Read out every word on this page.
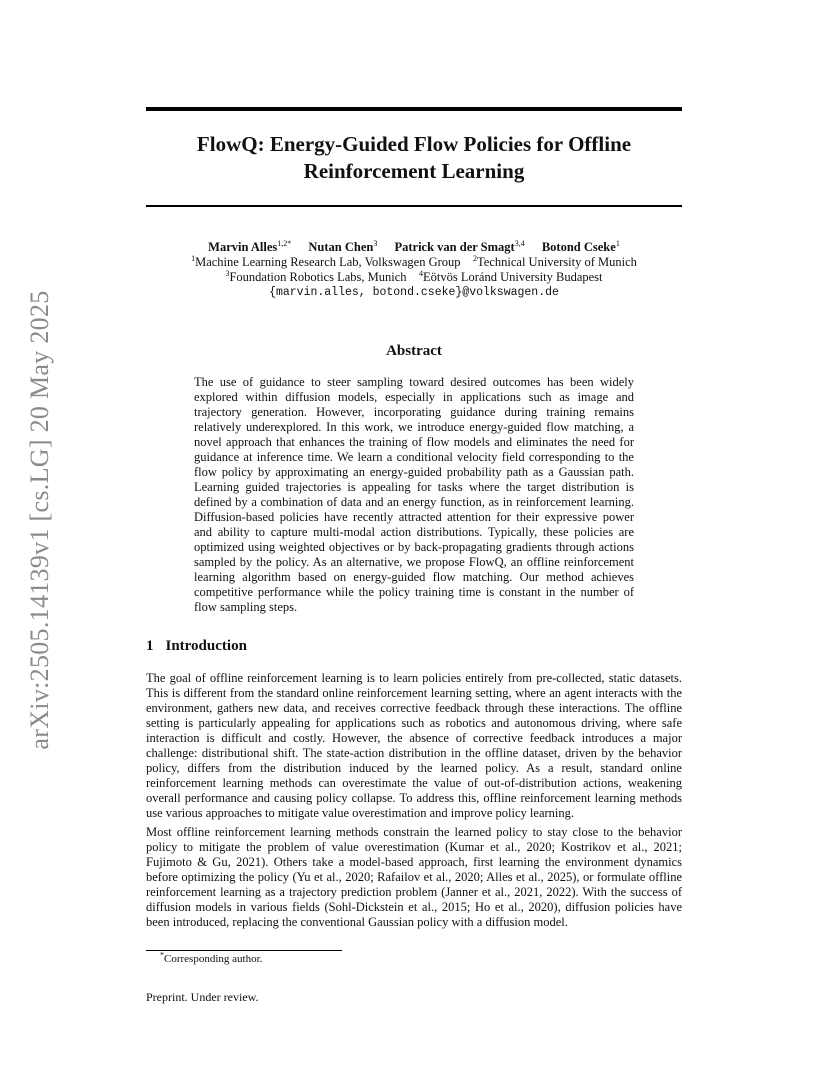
arXiv:2505.14139v1 [cs.LG] 20 May 2025
FlowQ: Energy-Guided Flow Policies for Offline
Reinforcement Learning
Marvin Alles$^{1,2*}$ Nutan Chen$^3$ Patrick van der Smagt$^{3,4}$ Botond Cseke$^1$
$^1$Machine Learning Research Lab, Volkswagen Group $^2$Technical University of Munich
$^3$Foundation Robotics Labs, Munich $^4$Eötvös Loránd University Budapest
{marvin.alles, botond.cseke}@volkswagen.de
Abstract
The use of guidance to steer sampling toward desired outcomes has been widely explored within diffusion models, especially in applications such as image and trajectory generation. However, incorporating guidance during training remains relatively underexplored. In this work, we introduce energy-guided flow matching, a novel approach that enhances the training of flow models and eliminates the need for guidance at inference time. We learn a conditional velocity field corresponding to the flow policy by approximating an energy-guided probability path as a Gaussian path. Learning guided trajectories is appealing for tasks where the target distribution is defined by a combination of data and an energy function, as in reinforcement learning. Diffusion-based policies have recently attracted attention for their expressive power and ability to capture multi-modal action distributions. Typically, these policies are optimized using weighted objectives or by back-propagating gradients through actions sampled by the policy. As an alternative, we propose FlowQ, an offline reinforcement learning algorithm based on energy-guided flow matching. Our method achieves competitive performance while the policy training time is constant in the number of flow sampling steps.
1 Introduction
The goal of offline reinforcement learning is to learn policies entirely from pre-collected, static datasets. This is different from the standard online reinforcement learning setting, where an agent interacts with the environment, gathers new data, and receives corrective feedback through these interactions. The offline setting is particularly appealing for applications such as robotics and autonomous driving, where safe interaction is difficult and costly. However, the absence of corrective feedback introduces a major challenge: distributional shift. The state-action distribution in the offline dataset, driven by the behavior policy, differs from the distribution induced by the learned policy. As a result, standard online reinforcement learning methods can overestimate the value of out-of-distribution actions, weakening overall performance and causing policy collapse. To address this, offline reinforcement learning methods use various approaches to mitigate value overestimation and improve policy learning.
Most offline reinforcement learning methods constrain the learned policy to stay close to the behavior policy to mitigate the problem of value overestimation (Kumar et al., 2020; Kostrikov et al., 2021; Fujimoto & Gu, 2021). Others take a model-based approach, first learning the environment dynamics before optimizing the policy (Yu et al., 2020; Rafailov et al., 2020; Alles et al., 2025), or formulate offline reinforcement learning as a trajectory prediction problem (Janner et al., 2021, 2022). With the success of diffusion models in various fields (Sohl-Dickstein et al., 2015; Ho et al., 2020), diffusion policies have been introduced, replacing the conventional Gaussian policy with a diffusion model.
*Corresponding author.
Preprint. Under review.
